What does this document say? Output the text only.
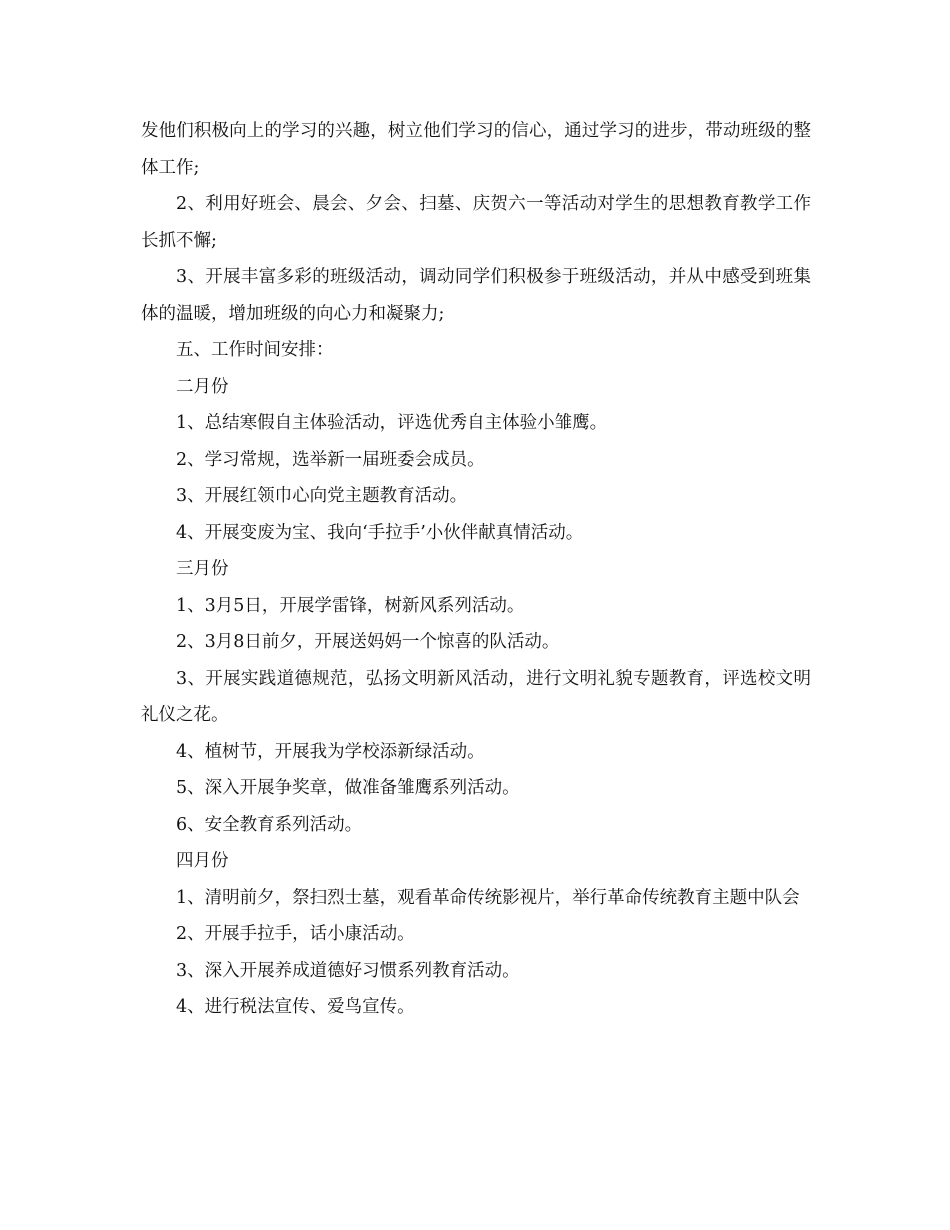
发他们积极向上的学习的兴趣，树立他们学习的信心，通过学习的进步，带动班级的整体工作;

2、利用好班会、晨会、夕会、扫墓、庆贺六一等活动对学生的思想教育教学工作长抓不懈;

3、开展丰富多彩的班级活动，调动同学们积极参于班级活动，并从中感受到班集体的温暖，增加班级的向心力和凝聚力;

五、工作时间安排：

二月份

1、总结寒假自主体验活动，评选优秀自主体验小雏鹰。

2、学习常规，选举新一届班委会成员。

3、开展红领巾心向党主题教育活动。

4、开展变废为宝、我向‘手拉手’小伙伴献真情活动。

三月份

1、3月5日，开展学雷锋，树新风系列活动。

2、3月8日前夕，开展送妈妈一个惊喜的队活动。

3、开展实践道德规范，弘扬文明新风活动，进行文明礼貌专题教育，评选校文明礼仪之花。

4、植树节，开展我为学校添新绿活动。

5、深入开展争奖章，做准备雏鹰系列活动。

6、安全教育系列活动。

四月份

1、清明前夕，祭扫烈士墓，观看革命传统影视片，举行革命传统教育主题中队会

2、开展手拉手，话小康活动。

3、深入开展养成道德好习惯系列教育活动。

4、进行税法宣传、爱鸟宣传。
